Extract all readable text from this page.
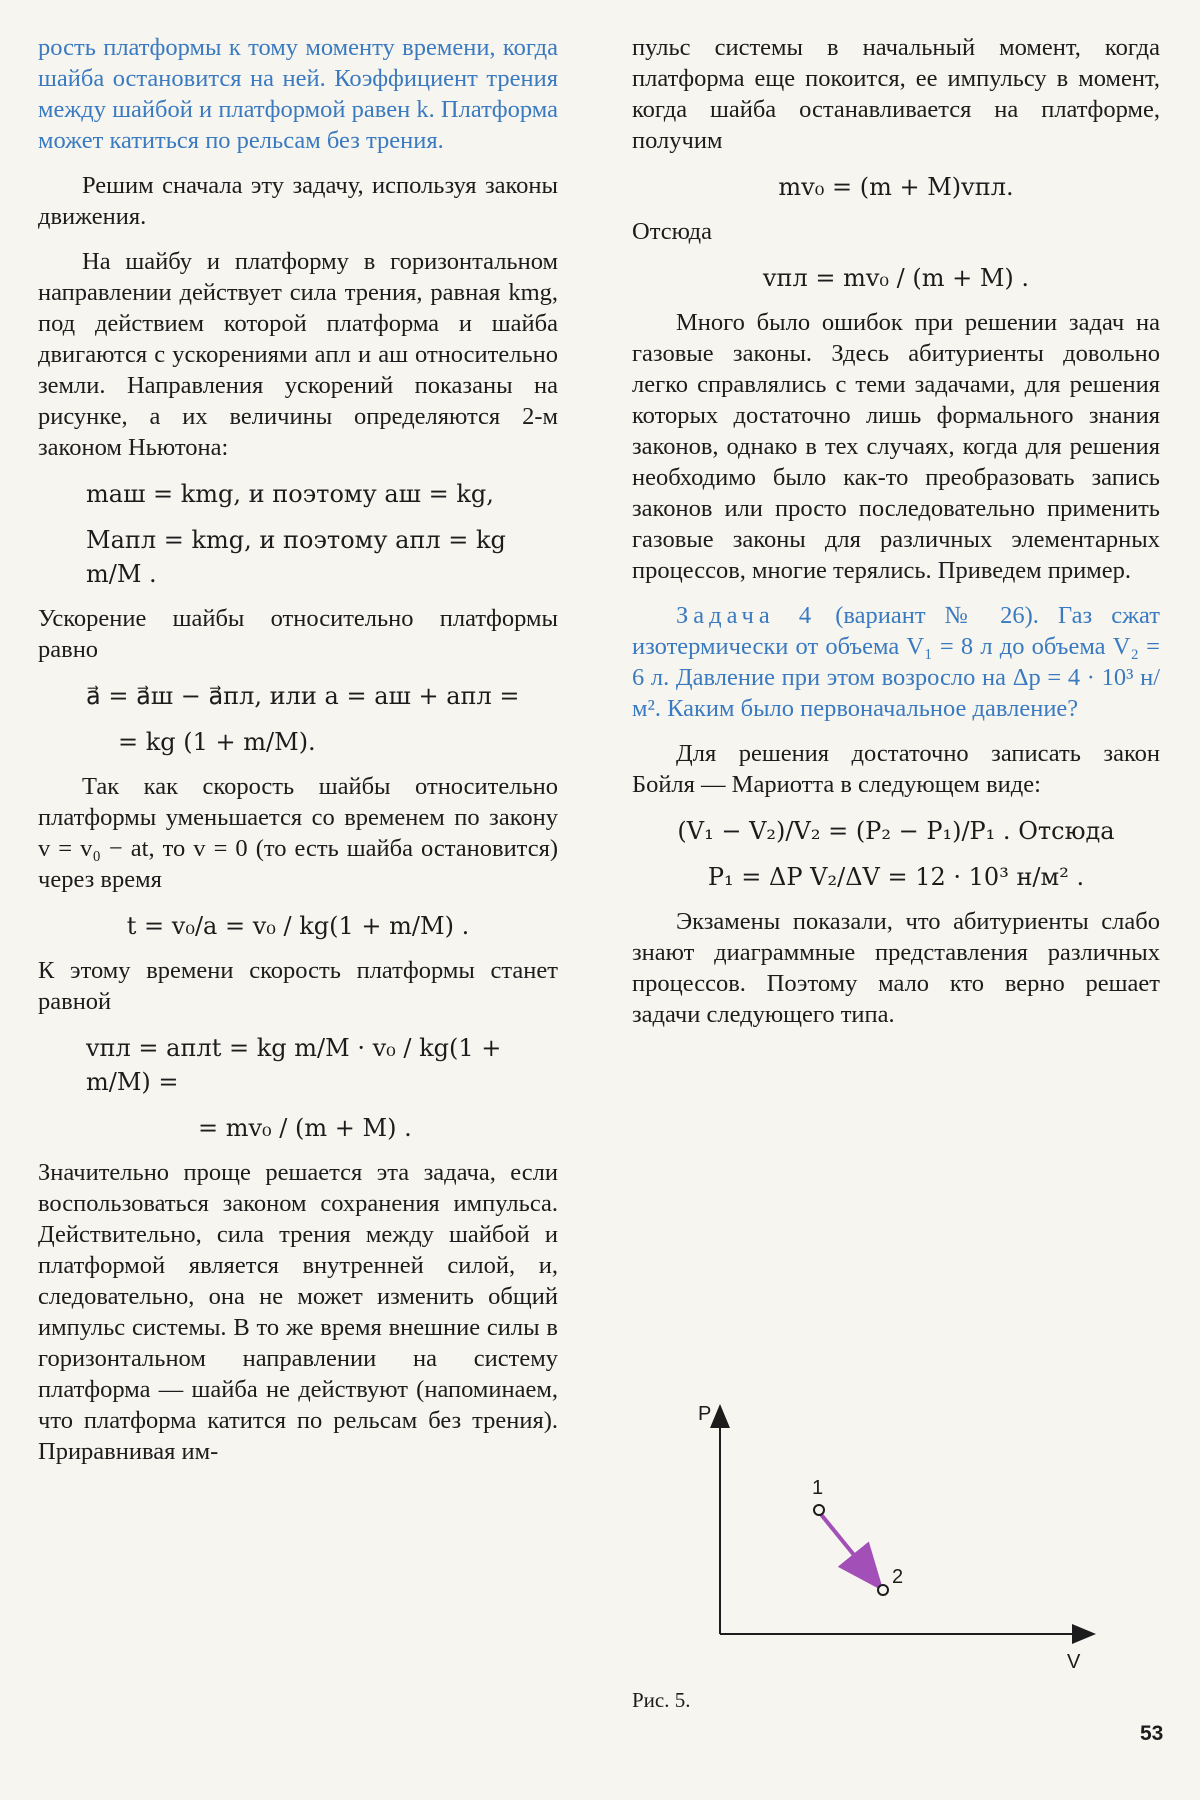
рость платформы к тому моменту времени, когда шайба остановится на ней. Коэффициент трения между шайбой и платформой равен k. Платформа может катиться по рельсам без трения.

Решим сначала эту задачу, используя законы движения.

На шайбу и платформу в горизонтальном направлении действует сила трения, равная kmg, под действием которой платформа и шайба двигаются с ускорениями aпл и aш относительно земли. Направления ускорений показаны на рисунке, а их величины определяются 2-м законом Ньютона:

maш = kmg, и поэтому aш = kg,
Maпл = kmg, и поэтому aпл = kg m/M .

Ускорение шайбы относительно платформы равно

a⃗ = a⃗ш − a⃗пл, или a = aш + aпл =
= kg (1 + m/M).

Так как скорость шайбы относительно платформы уменьшается со временем по закону v = v₀ − at, то v = 0 (то есть шайба остановится) через время

t = v₀/a = v₀ / kg(1 + m/M) .

К этому времени скорость платформы станет равной

vпл = aплt = kg m/M · v₀ / kg(1 + m/M) =
= mv₀ / (m + M) .

Значительно проще решается эта задача, если воспользоваться законом сохранения импульса. Действительно, сила трения между шайбой и платформой является внутренней силой, и, следовательно, она не может изменить общий импульс системы. В то же время внешние силы в горизонтальном направлении на систему платформа — шайба не действуют (напоминаем, что платформа катится по рельсам без трения). Приравнивая им-

пульс системы в начальный момент, когда платформа еще покоится, ее импульсу в момент, когда шайба останавливается на платформе, получим

mv₀ = (m + M)vпл.

Отсюда

vпл = mv₀ / (m + M) .

Много было ошибок при решении задач на газовые законы. Здесь абитуриенты довольно легко справлялись с теми задачами, для решения которых достаточно лишь формального знания законов, однако в тех случаях, когда для решения необходимо было как-то преобразовать запись законов или просто последовательно применить газовые законы для различных элементарных процессов, многие терялись. Приведем пример.

Задача 4 (вариант № 26). Газ сжат изотермически от объема V₁ = 8 л до объема V₂ = 6 л. Давление при этом возросло на Δp = 4 · 10³ н/м². Каким было первоначальное давление?

Для решения достаточно записать закон Бойля — Мариотта в следующем виде:

(V₁ − V₂)/V₂ = (P₂ − P₁)/P₁ . Отсюда
P₁ = ΔP V₂/ΔV = 12 · 10³ н/м² .

Экзамены показали, что абитуриенты слабо знают диаграммные представления различных процессов. Поэтому мало кто верно решает задачи следующего типа.

P
V
1
2
Рис. 5.
53
